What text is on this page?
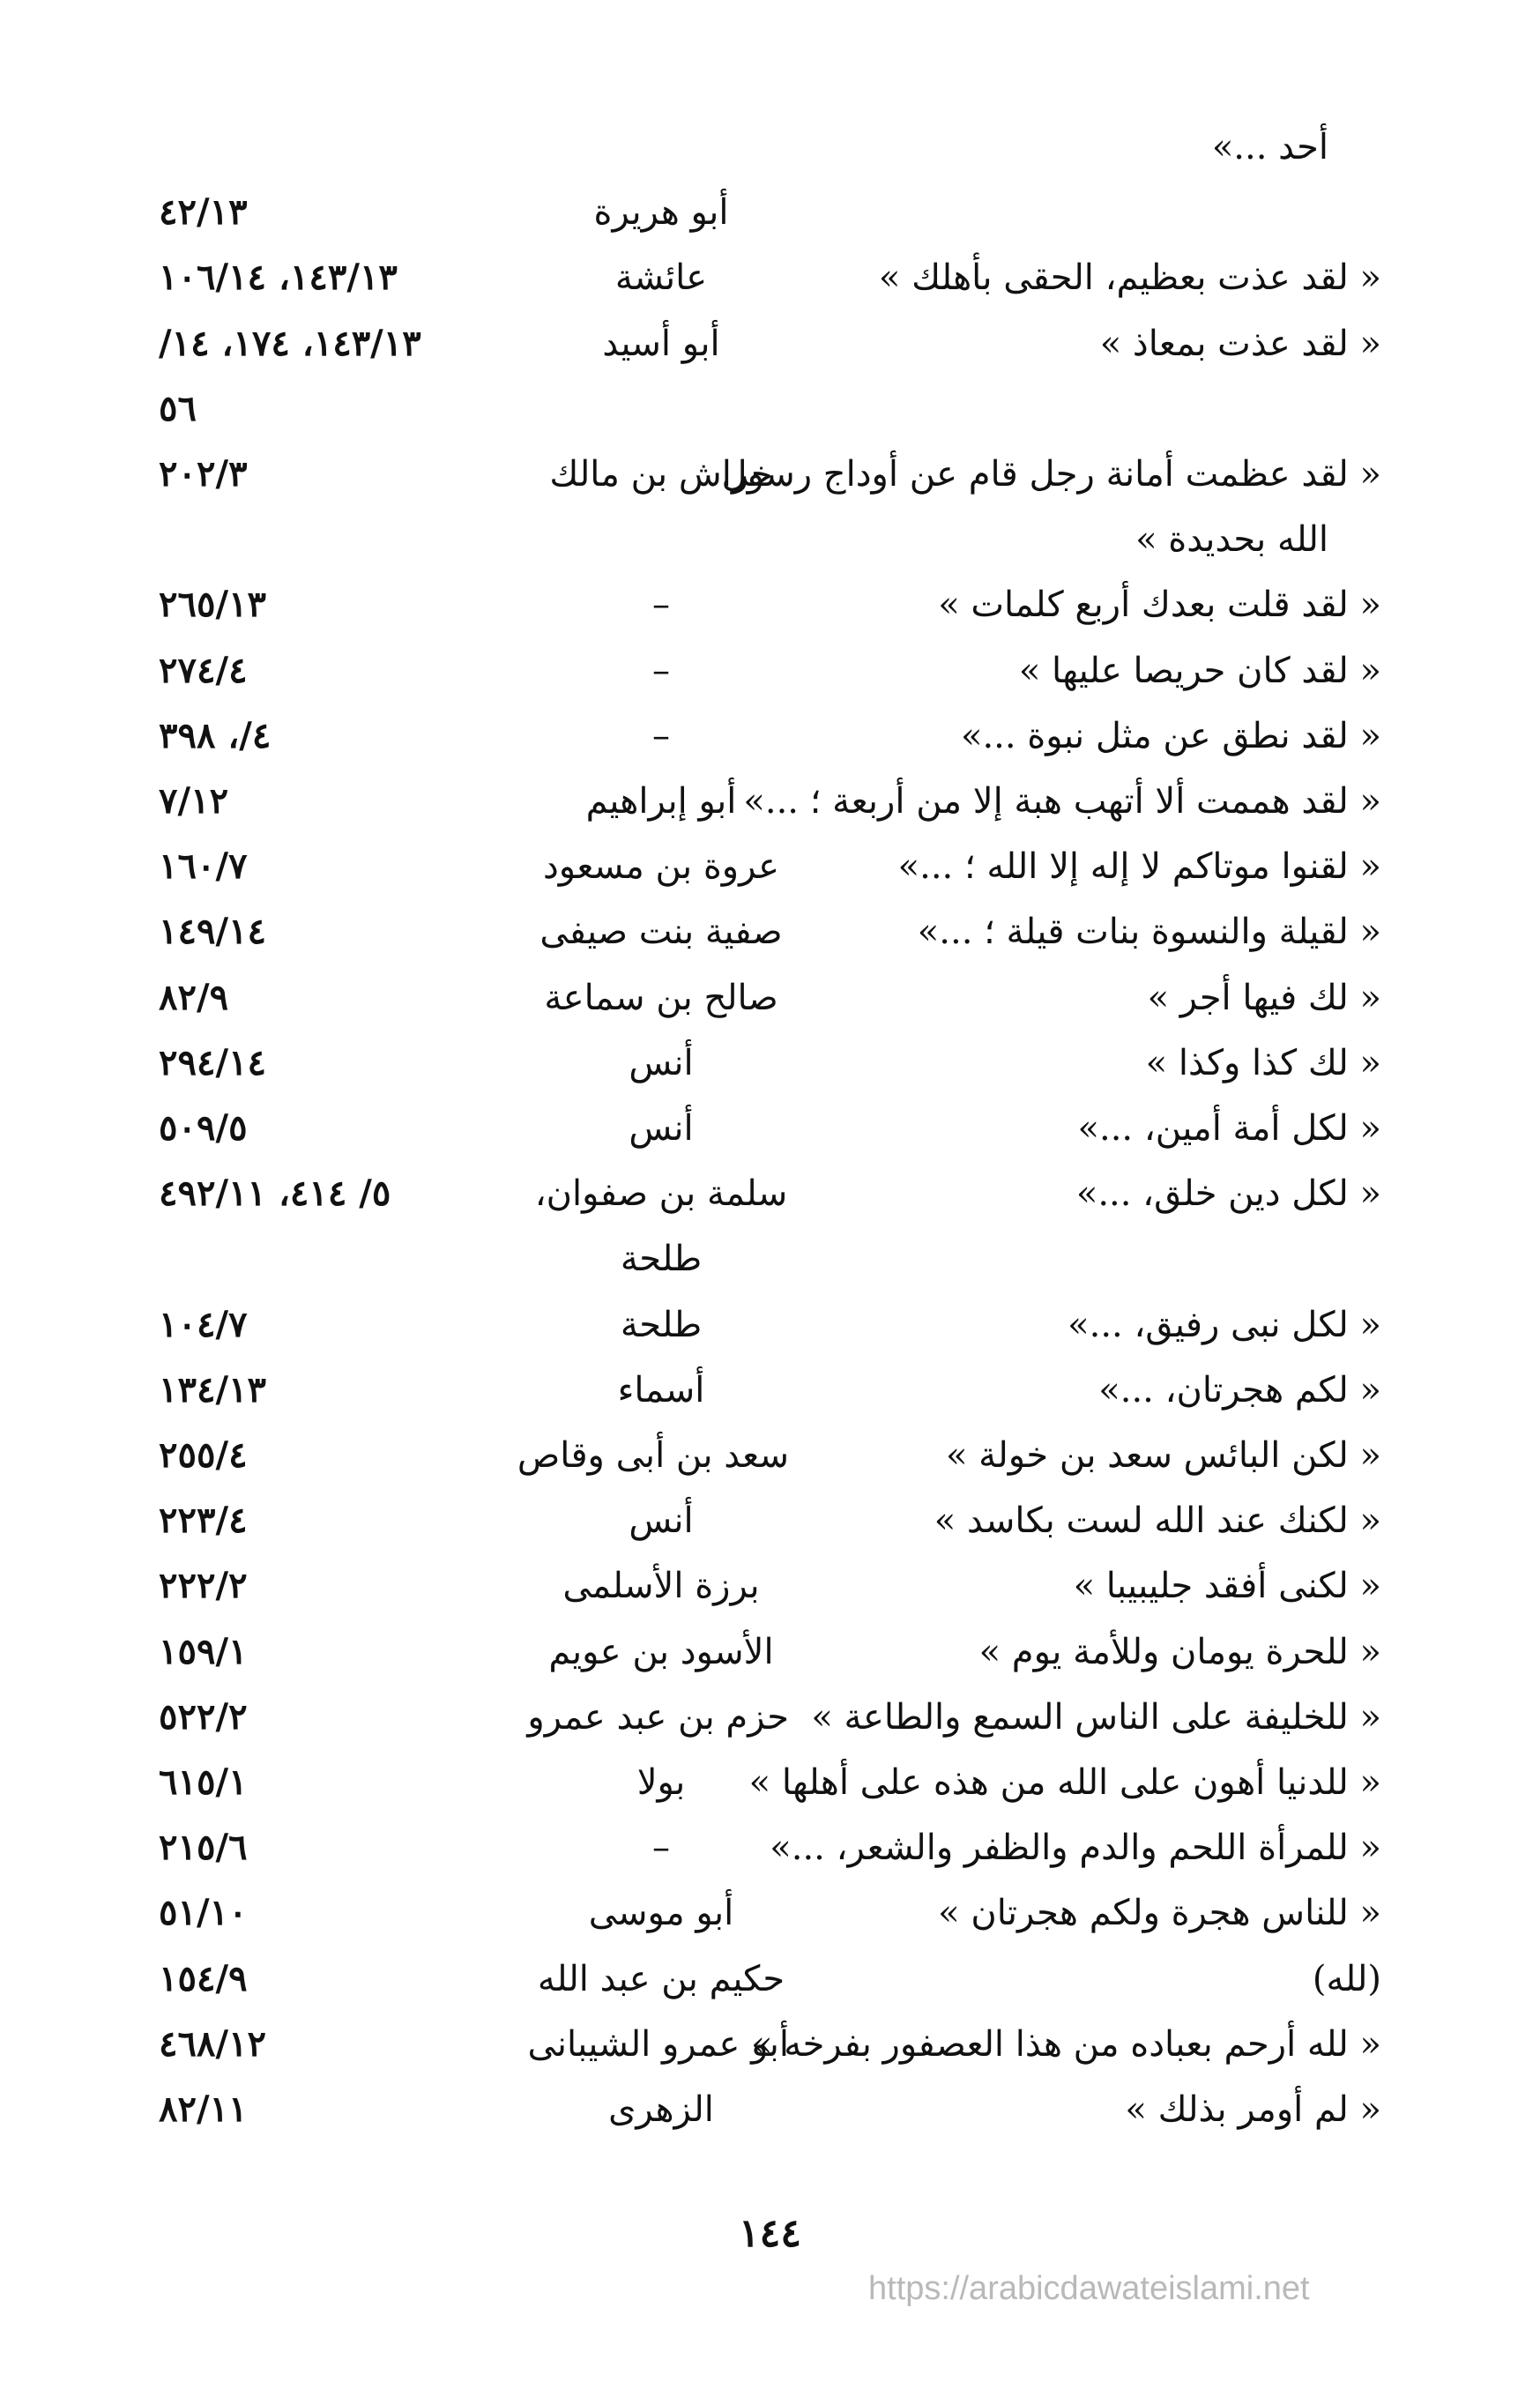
أحد ...»
أبو هريرة
٤٢/١٣
« لقد عذت بعظيم، الحقى بأهلك »
عائشة
١٤٣/١٣، ١٠٦/١٤
« لقد عذت بمعاذ »
أبو أسيد
١٤٣/١٣، ١٧٤، ١٤/
٥٦
« لقد عظمت أمانة رجل قام عن أوداج رسول
خراش بن مالك
٢٠٢/٣
الله بحديدة »
« لقد قلت بعدك أربع كلمات »
–
٢٦٥/١٣
« لقد كان حريصا عليها »
–
٢٧٤/٤
« لقد نطق عن مثل نبوة ...»
–
٤/، ٣٩٨
« لقد هممت ألا أتهب هبة إلا من أربعة ؛ ...»
أبو إبراهيم
٧/١٢
« لقنوا موتاكم لا إله إلا الله ؛ ...»
عروة بن مسعود
١٦٠/٧
« لقيلة والنسوة بنات قيلة ؛ ...»
صفية بنت صيفى
١٤٩/١٤
« لك فيها أجر »
صالح بن سماعة
٨٢/٩
« لك كذا وكذا »
أنس
٢٩٤/١٤
« لكل أمة أمين، ...»
أنس
٥٠٩/٥
« لكل دين خلق، ...»
سلمة بن صفوان،
٥/ ٤١٤، ٤٩٢/١١
طلحة
« لكل نبى رفيق، ...»
طلحة
١٠٤/٧
« لكم هجرتان، ...»
أسماء
١٣٤/١٣
« لكن البائس سعد بن خولة »
سعد بن أبى وقاص
٢٥٥/٤
« لكنك عند الله لست بكاسد »
أنس
٢٢٣/٤
« لكنى أفقد جليبيبا »
برزة الأسلمى
٢٢٢/٢
« للحرة يومان وللأمة يوم »
الأسود بن عويم
١٥٩/١
« للخليفة على الناس السمع والطاعة »
حزم بن عبد عمرو
٥٢٢/٢
« للدنيا أهون على الله من هذه على أهلها »
بولا
٦١٥/١
« للمرأة اللحم والدم والظفر والشعر، ...»
–
٢١٥/٦
« للناس هجرة ولكم هجرتان »
أبو موسى
٥١/١٠
(لله)
حكيم بن عبد الله
١٥٤/٩
« لله أرحم بعباده من هذا العصفور بفرخه »
أبو عمرو الشيبانى
٤٦٨/١٢
« لم أومر بذلك »
الزهرى
٨٢/١١
١٤٤
https://arabicdawateislami.net
